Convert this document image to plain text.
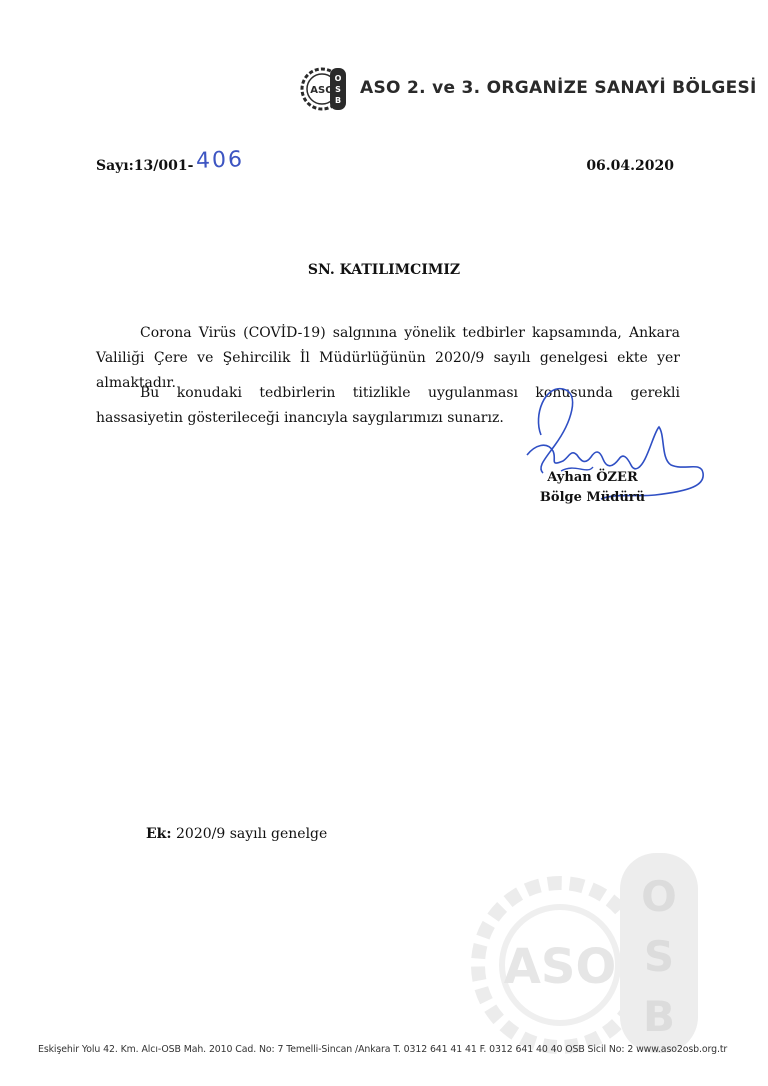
ASO
O
S
B
ASO 2. ve 3. ORGANİZE SANAYİ BÖLGESİ
Sayı:13/001- 406	06.04.2020
SN. KATILIMCIMIZ
Corona Virüs (COVİD-19) salgınına yönelik tedbirler kapsamında, Ankara Valiliği Çere ve Şehircilik İl Müdürlüğünün 2020/9 sayılı genelgesi ekte yer almaktadır.
Bu konudaki tedbirlerin titizlikle uygulanması konusunda gerekli hassasiyetin gösterileceği inancıyla saygılarımızı sunarız.
Ayhan ÖZER
Bölge Müdürü
Ek: 2020/9 sayılı genelge
ASO
O
S
B
Eskişehir Yolu 42. Km. Alcı-OSB Mah. 2010 Cad. No: 7 Temelli-Sincan /Ankara T. 0312 641 41 41 F. 0312 641 40 40 OSB Sicil No: 2 www.aso2osb.org.tr
